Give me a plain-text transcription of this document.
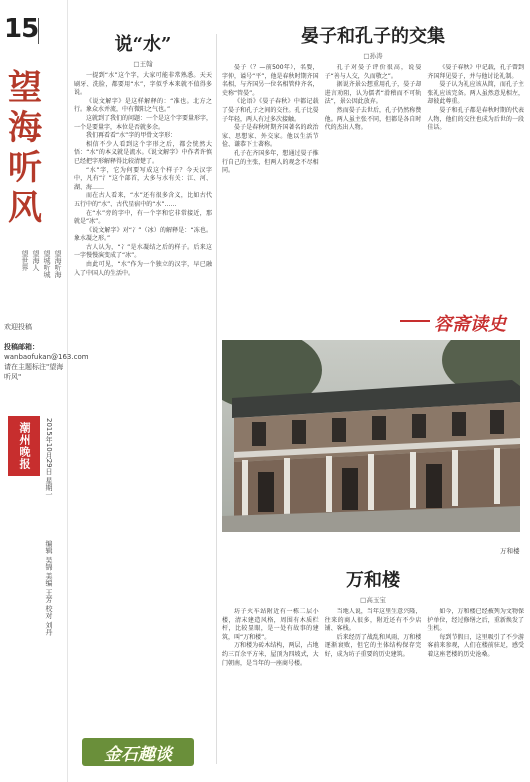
15
望海听风
望海听海
望城听城
望海人
望世界
欢迎投稿
投稿邮箱：
wanbaofukan@163.com
请在主题标注"望海听风"
潮州晚报 2015年10月29日 星期一
编辑 吴锦 美编 王芳 校对 刘丹
说“水”
□王翰

一提到“水”这个字，大家可能非常熟悉。天天刷牙、洗脸，都要用“水”，字似乎本来就不值得多说。

《说文解字》是这样解释的：“准也。北方之行。象众水并流，中有微阳之气也。”

这就到了我们的问题：一个是这个字要量形字，一个是要量字，本位是否就多余。

我们再看看“水”字的甲骨文字形：

相信不少人看到这个字形之后，都会恍然大悟：“水”的本义就是流水。《说文解字》中作者许慎已经把字形解释得比较清楚了。

“水”字，它为何要写成这个样子？今天汉字中，凡有“氵”这个部首，大多与水有关：江、河、湖、海……

而在古人看来，“水”还有很多含义，比如古代五行中的“水”、古代星宿中的“水”……

在“水”旁的字中，有一个字和它非常接近，那就是“冰”。

《说文解字》对“冫”（冰）的解释是：“冻也。象水凝之形。”

古人认为，“冫”是水凝结之后的样子。后来这一字慢慢演变成了“冰”。

由此可见，“水”作为一个独立的汉字，早已融入了中国人的生活中。

晏子和孔子的交集
□孙涛

晏子（？—前500年），名婴，字仲，谥号“平”，他是春秋时期齐国名相，与齐国另一位名相管仲齐名，史称“管晏”。

《论语》《晏子春秋》中都记载了晏子和孔子之间的交往。孔子比晏子年轻，两人有过多次接触。

晏子是春秋时期齐国著名的政治家、思想家、外交家。他以生活节俭、谦恭下士著称。

孔子在齐国多年，想通过晏子推行自己的主张，但两人的观念不尽相同。

孔子对晏子评价很高，说晏子“善与人交，久而敬之”。

据说齐景公想重用孔子，晏子却进言劝阻，认为儒者“滑稽而不可轨法”，景公因此放弃。

然而晏子去世后，孔子仍然称赞他。两人虽主张不同，但都是各自时代的杰出人物。

《晏子春秋》中记载，孔子曾到齐国拜见晏子，并与他讨论礼制。

晏子认为礼应该从简，而孔子主张礼应该完备。两人虽然意见相左，却彼此尊重。

晏子和孔子都是春秋时期的代表人物，他们的交往也成为后世的一段佳话。

容斋读史
万和楼
万和楼
□高玉宝

坊子火车站附近有一栋二层小楼，清末建造风格，周围有木质栏杆，比较显眼，是一处有故事的建筑，叫“万和楼”。

万和楼为砖木结构，两层，占地约三百余平方米，屋顶为四坡式，大门朝南，是当年的一座商号楼。

当地人说，当年这里生意兴隆，往来的商人很多，附近还有不少店铺、客栈。

后来经历了战乱和风雨，万和楼逐渐衰败，但它的主体结构保存完好，成为坊子重要的历史建筑。

如今，万和楼已经被列为文物保护单位，经过修缮之后，重新焕发了生机。

每到节假日，这里吸引了不少游客前来参观，人们在楼前驻足，感受着这座老楼的历史沧桑。

金石趣谈
